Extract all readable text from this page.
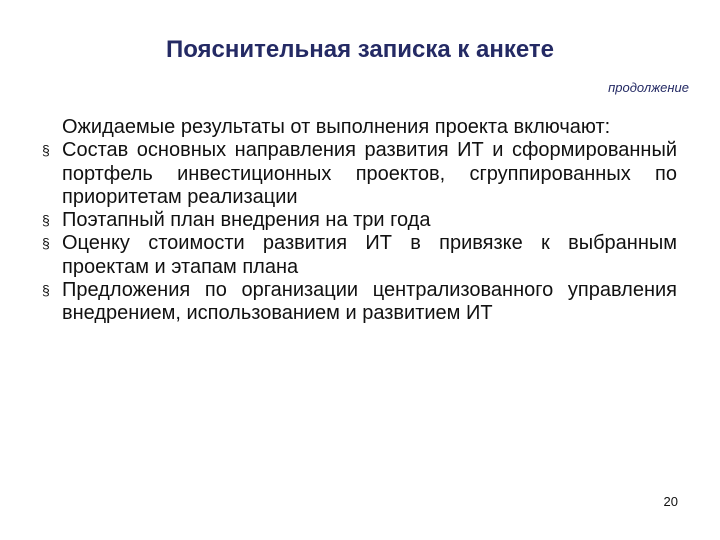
Пояснительная записка к анкете
продолжение

Ожидаемые результаты от выполнения проекта включают:

§ Состав основных направления развития ИТ и сформированный портфель инвестиционных проектов, сгруппированных по приоритетам реализации
§ Поэтапный план внедрения на три года
§ Оценку стоимости развития ИТ в привязке к выбранным проектам и этапам плана
§ Предложения по организации централизованного управления внедрением, использованием и развитием ИТ
20
